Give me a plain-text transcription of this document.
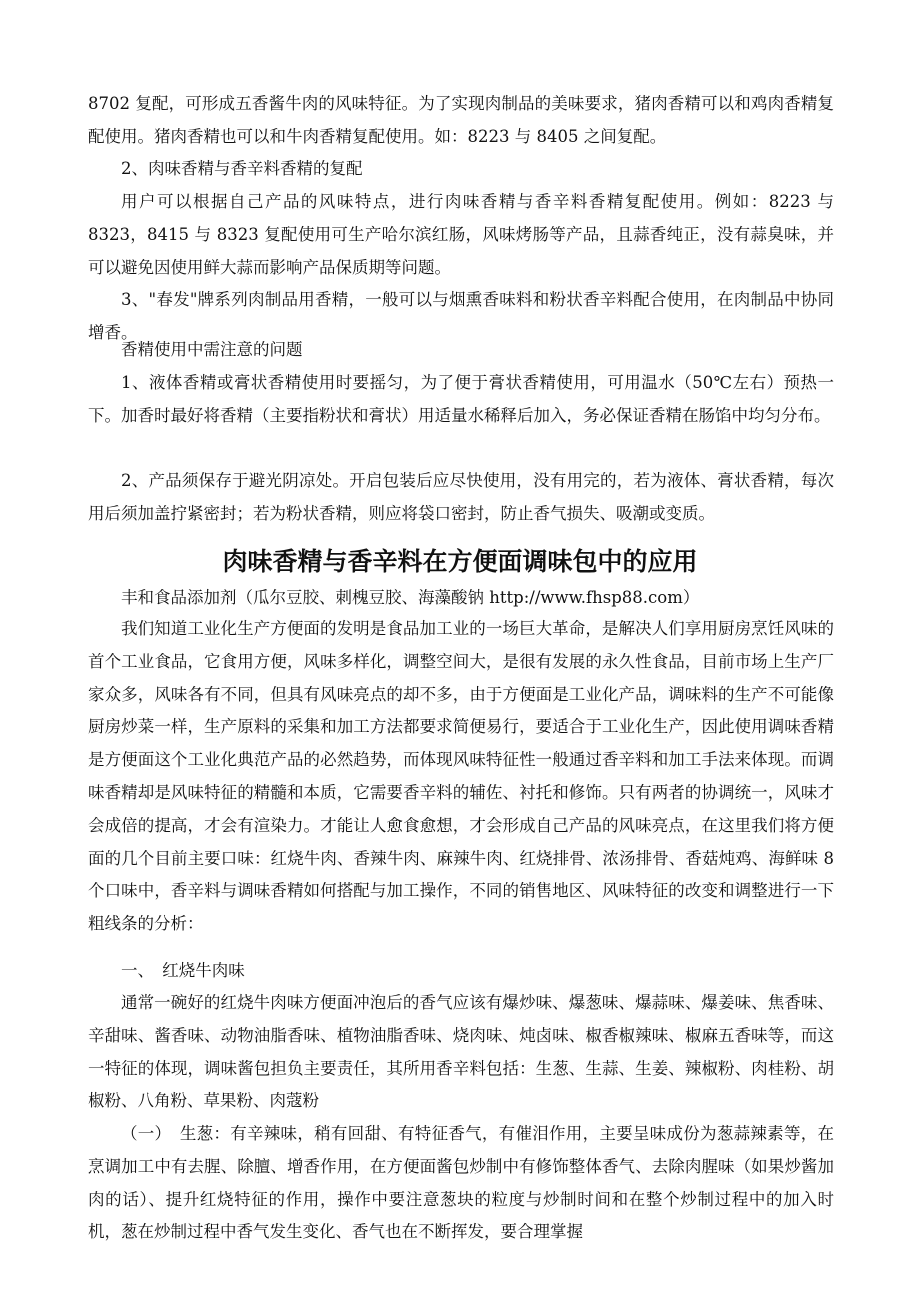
8702 复配，可形成五香酱牛肉的风味特征。为了实现肉制品的美味要求，猪肉香精可以和鸡肉香精复配使用。猪肉香精也可以和牛肉香精复配使用。如：8223 与 8405 之间复配。

2、肉味香精与香辛料香精的复配

用户可以根据自己产品的风味特点，进行肉味香精与香辛料香精复配使用。例如：8223 与 8323，8415 与 8323 复配使用可生产哈尔滨红肠，风味烤肠等产品，且蒜香纯正，没有蒜臭味，并可以避免因使用鲜大蒜而影响产品保质期等问题。

3、"春发"牌系列肉制品用香精，一般可以与烟熏香味料和粉状香辛料配合使用，在肉制品中协同增香。

香精使用中需注意的问题

1、液体香精或膏状香精使用时要摇匀，为了便于膏状香精使用，可用温水（50℃左右）预热一下。加香时最好将香精（主要指粉状和膏状）用适量水稀释后加入，务必保证香精在肠馅中均匀分布。

2、产品须保存于避光阴凉处。开启包装后应尽快使用，没有用完的，若为液体、膏状香精，每次用后须加盖拧紧密封；若为粉状香精，则应将袋口密封，防止香气损失、吸潮或变质。

肉味香精与香辛料在方便面调味包中的应用

丰和食品添加剂（瓜尔豆胶、刺槐豆胶、海藻酸钠 http://www.fhsp88.com）

我们知道工业化生产方便面的发明是食品加工业的一场巨大革命，是解决人们享用厨房烹饪风味的首个工业食品，它食用方便，风味多样化，调整空间大，是很有发展的永久性食品，目前市场上生产厂家众多，风味各有不同，但具有风味亮点的却不多，由于方便面是工业化产品，调味料的生产不可能像厨房炒菜一样，生产原料的采集和加工方法都要求简便易行，要适合于工业化生产，因此使用调味香精是方便面这个工业化典范产品的必然趋势，而体现风味特征性一般通过香辛料和加工手法来体现。而调味香精却是风味特征的精髓和本质，它需要香辛料的辅佐、衬托和修饰。只有两者的协调统一，风味才会成倍的提高，才会有渲染力。才能让人愈食愈想，才会形成自己产品的风味亮点，在这里我们将方便面的几个目前主要口味：红烧牛肉、香辣牛肉、麻辣牛肉、红烧排骨、浓汤排骨、香菇炖鸡、海鲜味 8 个口味中，香辛料与调味香精如何搭配与加工操作，不同的销售地区、风味特征的改变和调整进行一下粗线条的分析：

一、　红烧牛肉味

通常一碗好的红烧牛肉味方便面冲泡后的香气应该有爆炒味、爆葱味、爆蒜味、爆姜味、焦香味、辛甜味、酱香味、动物油脂香味、植物油脂香味、烧肉味、炖卤味、椒香椒辣味、椒麻五香味等，而这一特征的体现，调味酱包担负主要责任，其所用香辛料包括：生葱、生蒜、生姜、辣椒粉、肉桂粉、胡椒粉、八角粉、草果粉、肉蔻粉

（一）　生葱：有辛辣味，稍有回甜、有特征香气，有催泪作用，主要呈味成份为葱蒜辣素等，在烹调加工中有去腥、除膻、增香作用，在方便面酱包炒制中有修饰整体香气、去除肉腥味（如果炒酱加肉的话）、提升红烧特征的作用，操作中要注意葱块的粒度与炒制时间和在整个炒制过程中的加入时机，葱在炒制过程中香气发生变化、香气也在不断挥发，要合理掌握
